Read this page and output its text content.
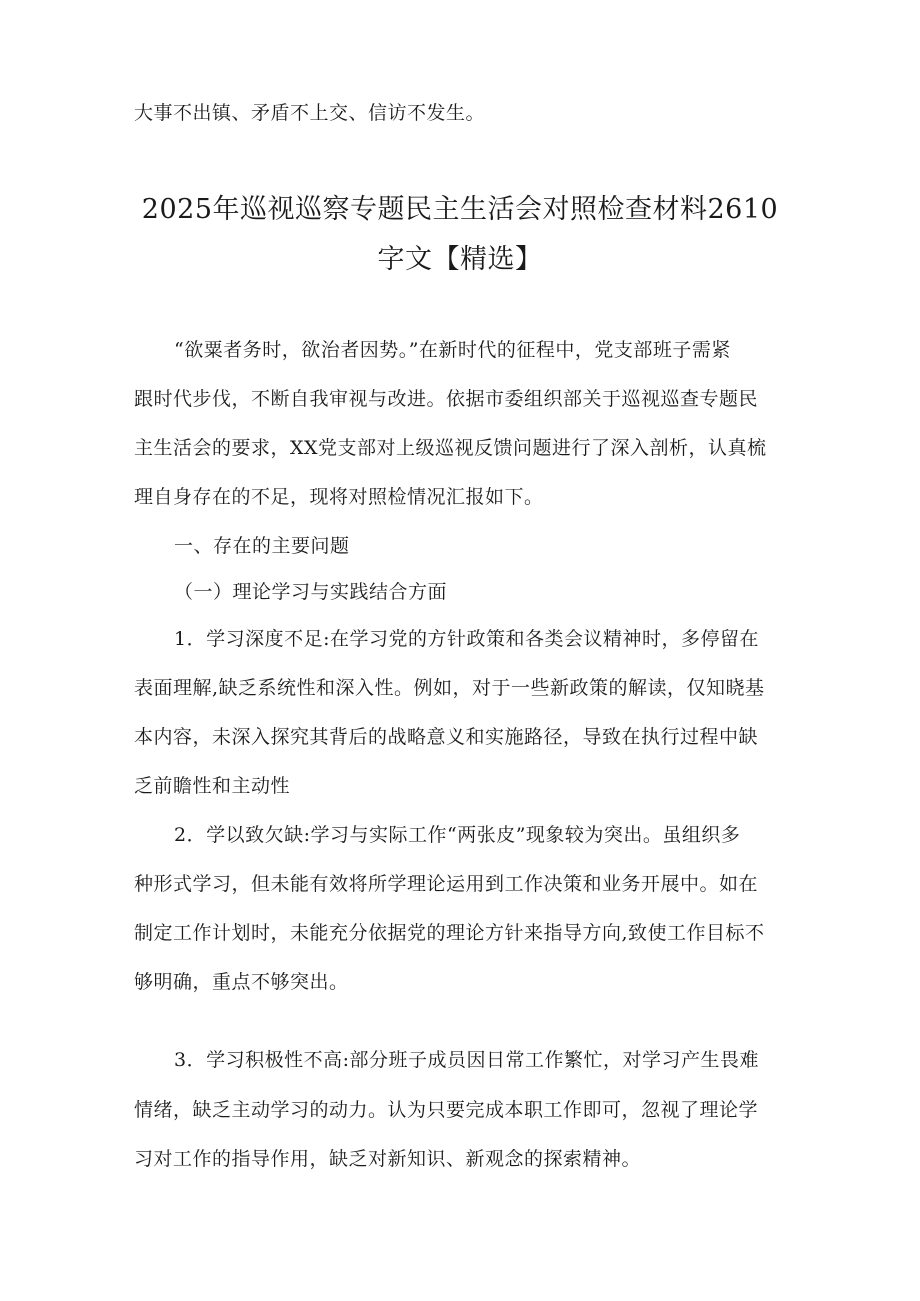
大事不出镇、矛盾不上交、信访不发生。
2025年巡视巡察专题民主生活会对照检查材料2610
字文【精选】
“欲粟者务时，欲治者因势。”在新时代的征程中，党支部班子需紧
跟时代步伐，不断自我审视与改进。依据市委组织部关于巡视巡查专题民
主生活会的要求，XX党支部对上级巡视反馈问题进行了深入剖析，认真梳
理自身存在的不足，现将对照检情况汇报如下。
一、存在的主要问题
（一）理论学习与实践结合方面
1．学习深度不足:在学习党的方针政策和各类会议精神时，多停留在
表面理解,缺乏系统性和深入性。例如，对于一些新政策的解读，仅知晓基
本内容，未深入探究其背后的战略意义和实施路径，导致在执行过程中缺
乏前瞻性和主动性
2．学以致欠缺:学习与实际工作“两张皮”现象较为突出。虽组织多
种形式学习，但未能有效将所学理论运用到工作决策和业务开展中。如在
制定工作计划时，未能充分依据党的理论方针来指导方向,致使工作目标不
够明确，重点不够突出。
3．学习积极性不高:部分班子成员因日常工作繁忙，对学习产生畏难
情绪，缺乏主动学习的动力。认为只要完成本职工作即可，忽视了理论学
习对工作的指导作用，缺乏对新知识、新观念的探索精神。
